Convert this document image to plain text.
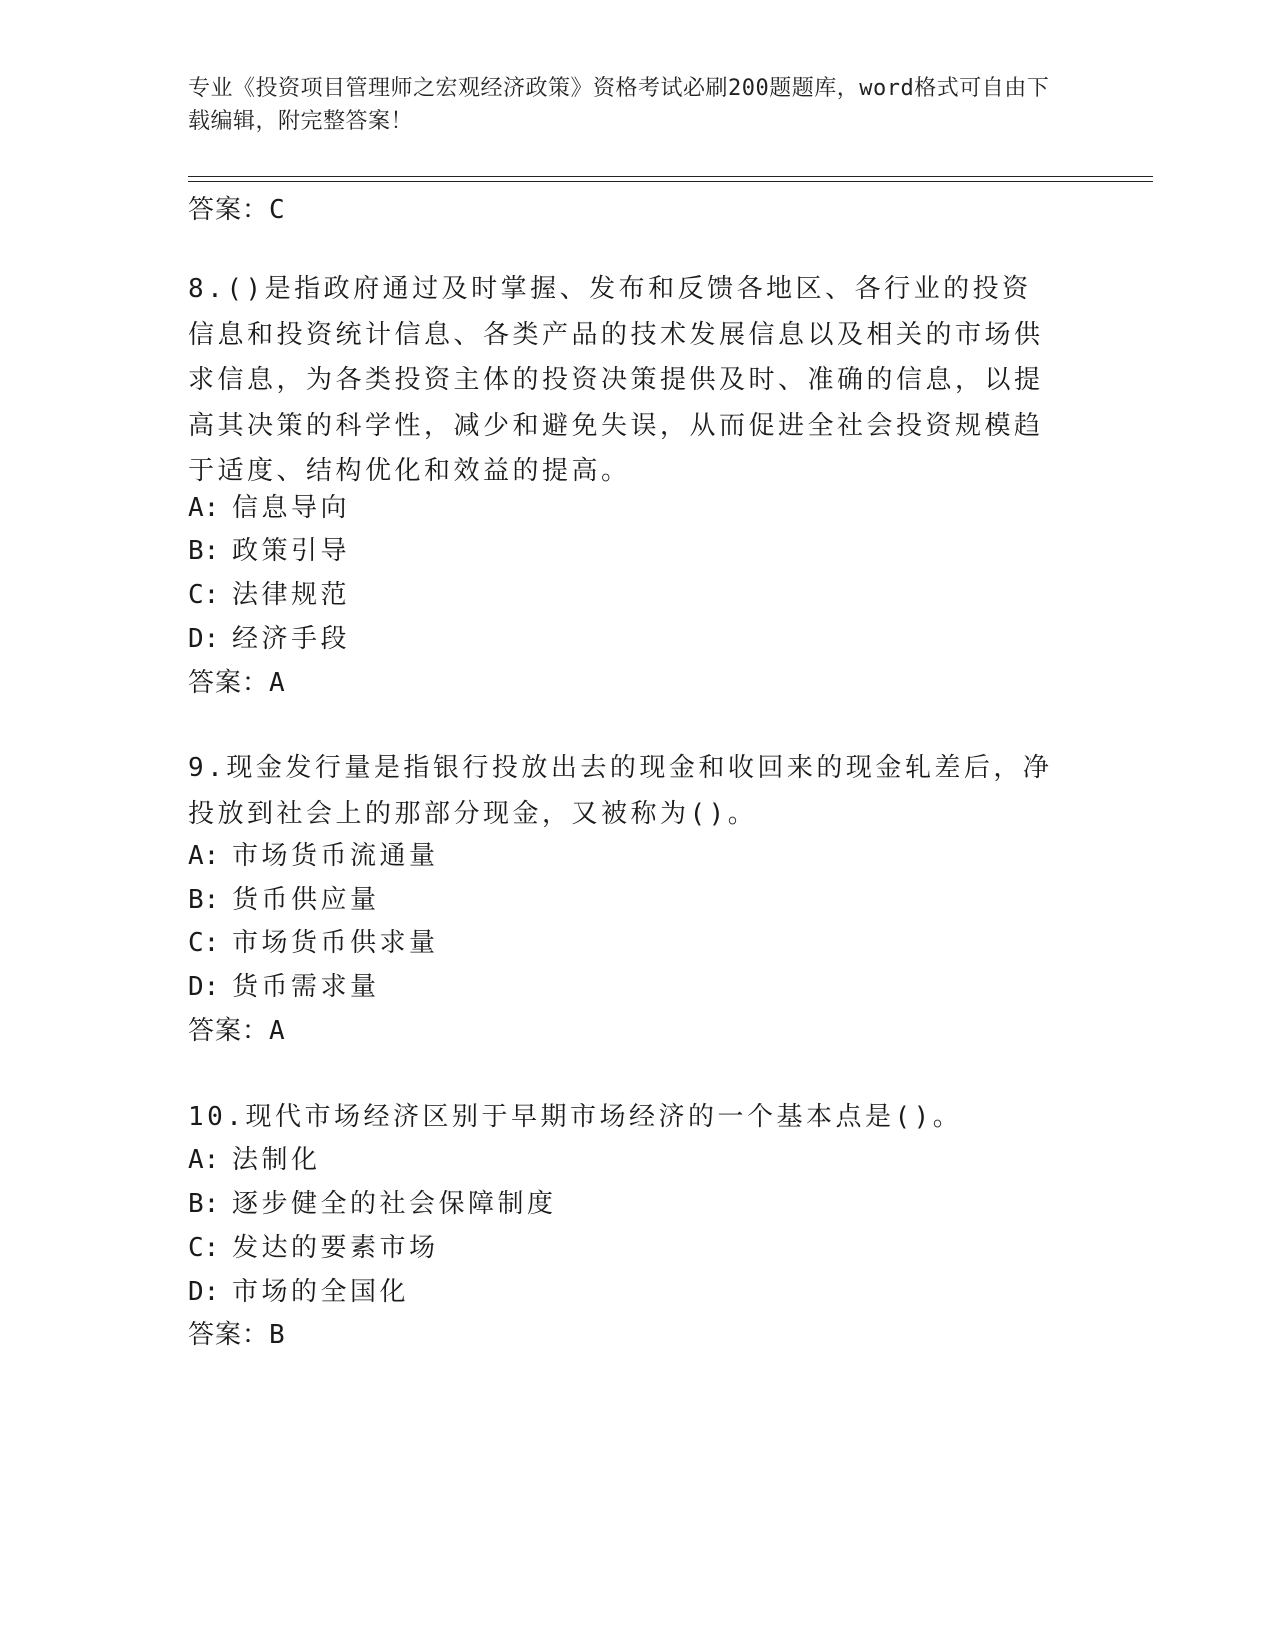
专业《投资项目管理师之宏观经济政策》资格考试必刷200题题库，word格式可自由下载编辑，附完整答案！
答案：C
8.()是指政府通过及时掌握、发布和反馈各地区、各行业的投资信息和投资统计信息、各类产品的技术发展信息以及相关的市场供求信息，为各类投资主体的投资决策提供及时、准确的信息，以提高其决策的科学性，减少和避免失误，从而促进全社会投资规模趋于适度、结构优化和效益的提高。
A: 信息导向
B: 政策引导
C: 法律规范
D: 经济手段
答案：A
9.现金发行量是指银行投放出去的现金和收回来的现金轧差后，净投放到社会上的那部分现金，又被称为()。
A: 市场货币流通量
B: 货币供应量
C: 市场货币供求量
D: 货币需求量
答案：A
10.现代市场经济区别于早期市场经济的一个基本点是()。
A: 法制化
B: 逐步健全的社会保障制度
C: 发达的要素市场
D: 市场的全国化
答案：B
